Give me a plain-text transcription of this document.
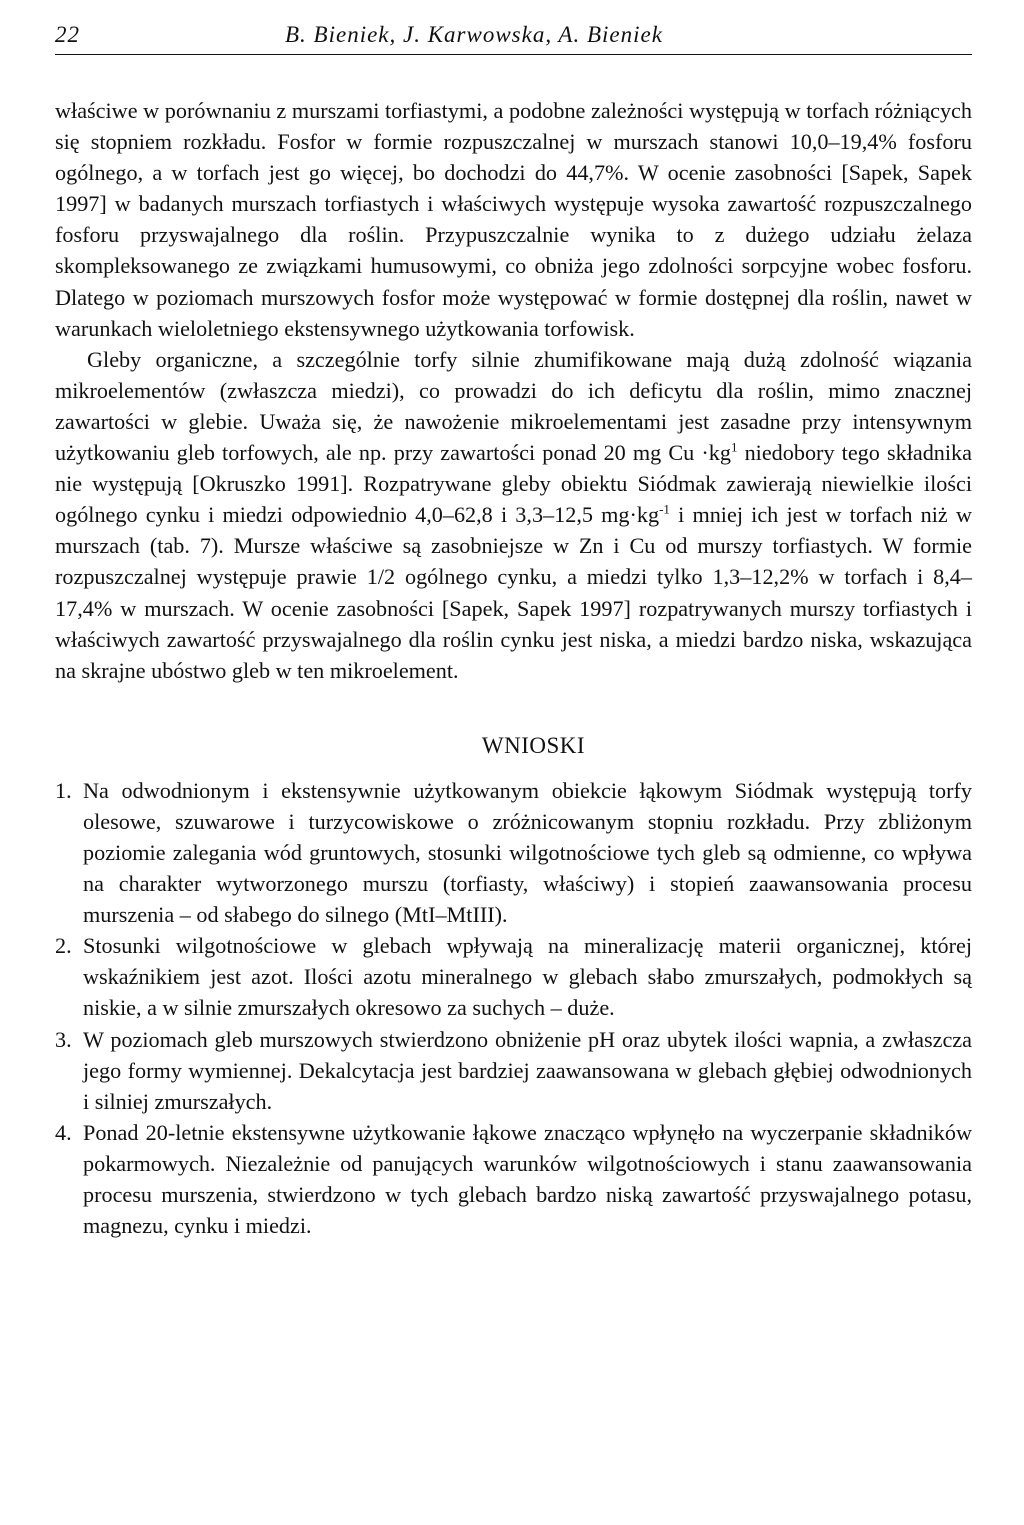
22	B. Bieniek, J. Karwowska, A. Bieniek

właściwe w porównaniu z murszami torfiastymi, a podobne zależności występują w torfach różniących się stopniem rozkładu. Fosfor w formie rozpuszczalnej w murszach stanowi 10,0–19,4% fosforu ogólnego, a w torfach jest go więcej, bo dochodzi do 44,7%. W ocenie zasobności [Sapek, Sapek 1997] w badanych murszach torfiastych i właściwych występuje wysoka zawartość rozpuszczalnego fosforu przyswajalnego dla roślin. Przypuszczalnie wynika to z dużego udziału żelaza skompleksowanego ze związkami humusowymi, co obniża jego zdolności sorpcyjne wobec fosforu. Dlatego w poziomach murszowych fosfor może występować w formie dostępnej dla roślin, nawet w warunkach wieloletniego ekstensywnego użytkowania torfowisk.

Gleby organiczne, a szczególnie torfy silnie zhumifikowane mają dużą zdolność wiązania mikroelementów (zwłaszcza miedzi), co prowadzi do ich deficytu dla roślin, mimo znacznej zawartości w glebie. Uważa się, że nawożenie mikroelementami jest zasadne przy intensywnym użytkowaniu gleb torfowych, ale np. przy zawartości ponad 20 mg $Cu \cdot kg^1$ niedobory tego składnika nie występują [Okruszko 1991]. Rozpatrywane gleby obiektu Siódmak zawierają niewielkie ilości ogólnego cynku i miedzi odpowiednio 4,0–62,8 i 3,3–12,5 $mg\cdot kg^{-1}$ i mniej ich jest w torfach niż w murszach (tab. 7). Mursze właściwe są zasobniejsze w Zn i Cu od murszy torfiastych. W formie rozpuszczalnej występuje prawie 1/2 ogólnego cynku, a miedzi tylko 1,3–12,2% w torfach i 8,4–17,4% w murszach. W ocenie zasobności [Sapek, Sapek 1997] rozpatrywanych murszy torfiastych i właściwych zawartość przyswajalnego dla roślin cynku jest niska, a miedzi bardzo niska, wskazująca na skrajne ubóstwo gleb w ten mikroelement.

WNIOSKI
1. Na odwodnionym i ekstensywnie użytkowanym obiekcie łąkowym Siódmak występują torfy olesowe, szuwarowe i turzycowiskowe o zróżnicowanym stopniu rozkładu. Przy zbliżonym poziomie zalegania wód gruntowych, stosunki wilgotnościowe tych gleb są odmienne, co wpływa na charakter wytworzonego murszu (torfiasty, właściwy) i stopień zaawansowania procesu murszenia – od słabego do silnego (MtI–MtIII).
2. Stosunki wilgotnościowe w glebach wpływają na mineralizację materii organicznej, której wskaźnikiem jest azot. Ilości azotu mineralnego w glebach słabo zmurszałych, podmokłych są niskie, a w silnie zmurszałych okresowo za suchych – duże.
3. W poziomach gleb murszowych stwierdzono obniżenie pH oraz ubytek ilości wapnia, a zwłaszcza jego formy wymiennej. Dekalcytacja jest bardziej zaawansowana w glebach głębiej odwodnionych i silniej zmurszałych.
4. Ponad 20-letnie ekstensywne użytkowanie łąkowe znacząco wpłynęło na wyczerpanie składników pokarmowych. Niezależnie od panujących warunków wilgotnościowych i stanu zaawansowania procesu murszenia, stwierdzono w tych glebach bardzo niską zawartość przyswajalnego potasu, magnezu, cynku i miedzi.
